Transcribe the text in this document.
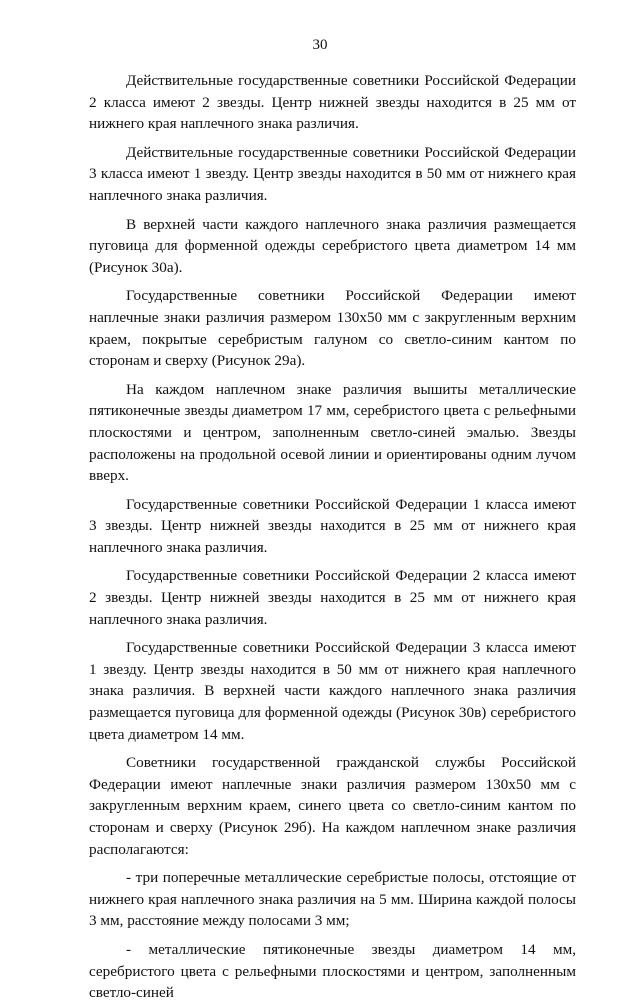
30

Действительные государственные советники Российской Федерации 2 класса имеют 2 звезды. Центр нижней звезды находится в 25 мм от нижнего края наплечного знака различия.

Действительные государственные советники Российской Федерации 3 класса имеют 1 звезду. Центр звезды находится в 50 мм от нижнего края наплечного знака различия.

В верхней части каждого наплечного знака различия размещается пуговица для форменной одежды серебристого цвета диаметром 14 мм (Рисунок 30а).

Государственные советники Российской Федерации имеют наплечные знаки различия размером 130х50 мм с закругленным верхним краем, покрытые серебристым галуном со светло-синим кантом по сторонам и сверху (Рисунок 29а).

На каждом наплечном знаке различия вышиты металлические пятиконечные звезды диаметром 17 мм, серебристого цвета с рельефными плоскостями и центром, заполненным светло-синей эмалью. Звезды расположены на продольной осевой линии и ориентированы одним лучом вверх.

Государственные советники Российской Федерации 1 класса имеют 3 звезды. Центр нижней звезды находится в 25 мм от нижнего края наплечного знака различия.

Государственные советники Российской Федерации 2 класса имеют 2 звезды. Центр нижней звезды находится в 25 мм от нижнего края наплечного знака различия.

Государственные советники Российской Федерации 3 класса имеют 1 звезду. Центр звезды находится в 50 мм от нижнего края наплечного знака различия. В верхней части каждого наплечного знака различия размещается пуговица для форменной одежды (Рисунок 30в) серебристого цвета диаметром 14 мм.

Советники государственной гражданской службы Российской Федерации имеют наплечные знаки различия размером 130х50 мм с закругленным верхним краем, синего цвета со светло-синим кантом по сторонам и сверху (Рисунок 29б). На каждом наплечном знаке различия располагаются:

- три поперечные металлические серебристые полосы, отстоящие от нижнего края наплечного знака различия на 5 мм. Ширина каждой полосы 3 мм, расстояние между полосами 3 мм;

- металлические пятиконечные звезды диаметром 14 мм, серебристого цвета с рельефными плоскостями и центром, заполненным светло-синей
